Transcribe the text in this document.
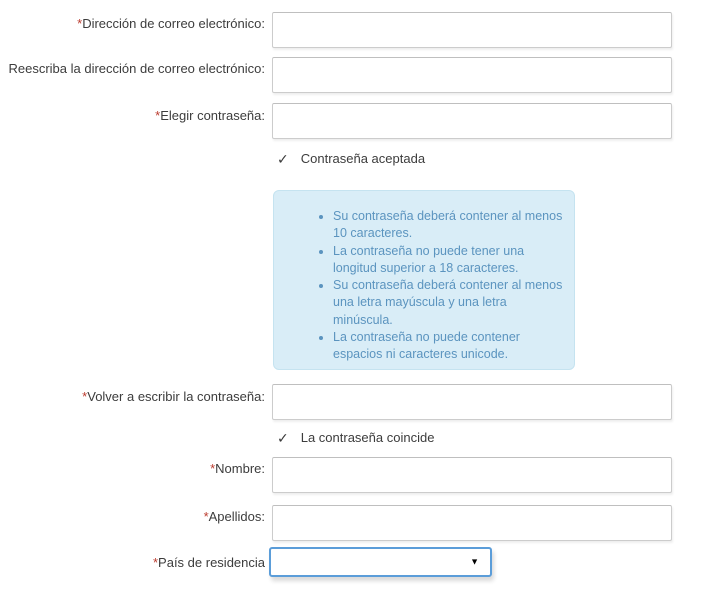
*Dirección de correo electrónico:
Reescriba la dirección de correo electrónico:
*Elegir contraseña:
✓ Contraseña aceptada
• Su contraseña deberá contener al menos 10 caracteres.
• La contraseña no puede tener una longitud superior a 18 caracteres.
• Su contraseña deberá contener al menos una letra mayúscula y una letra minúscula.
• La contraseña no puede contener espacios ni caracteres unicode.
*Volver a escribir la contraseña:
✓ La contraseña coincide
*Nombre:
*Apellidos:
*País de residencia	▼
